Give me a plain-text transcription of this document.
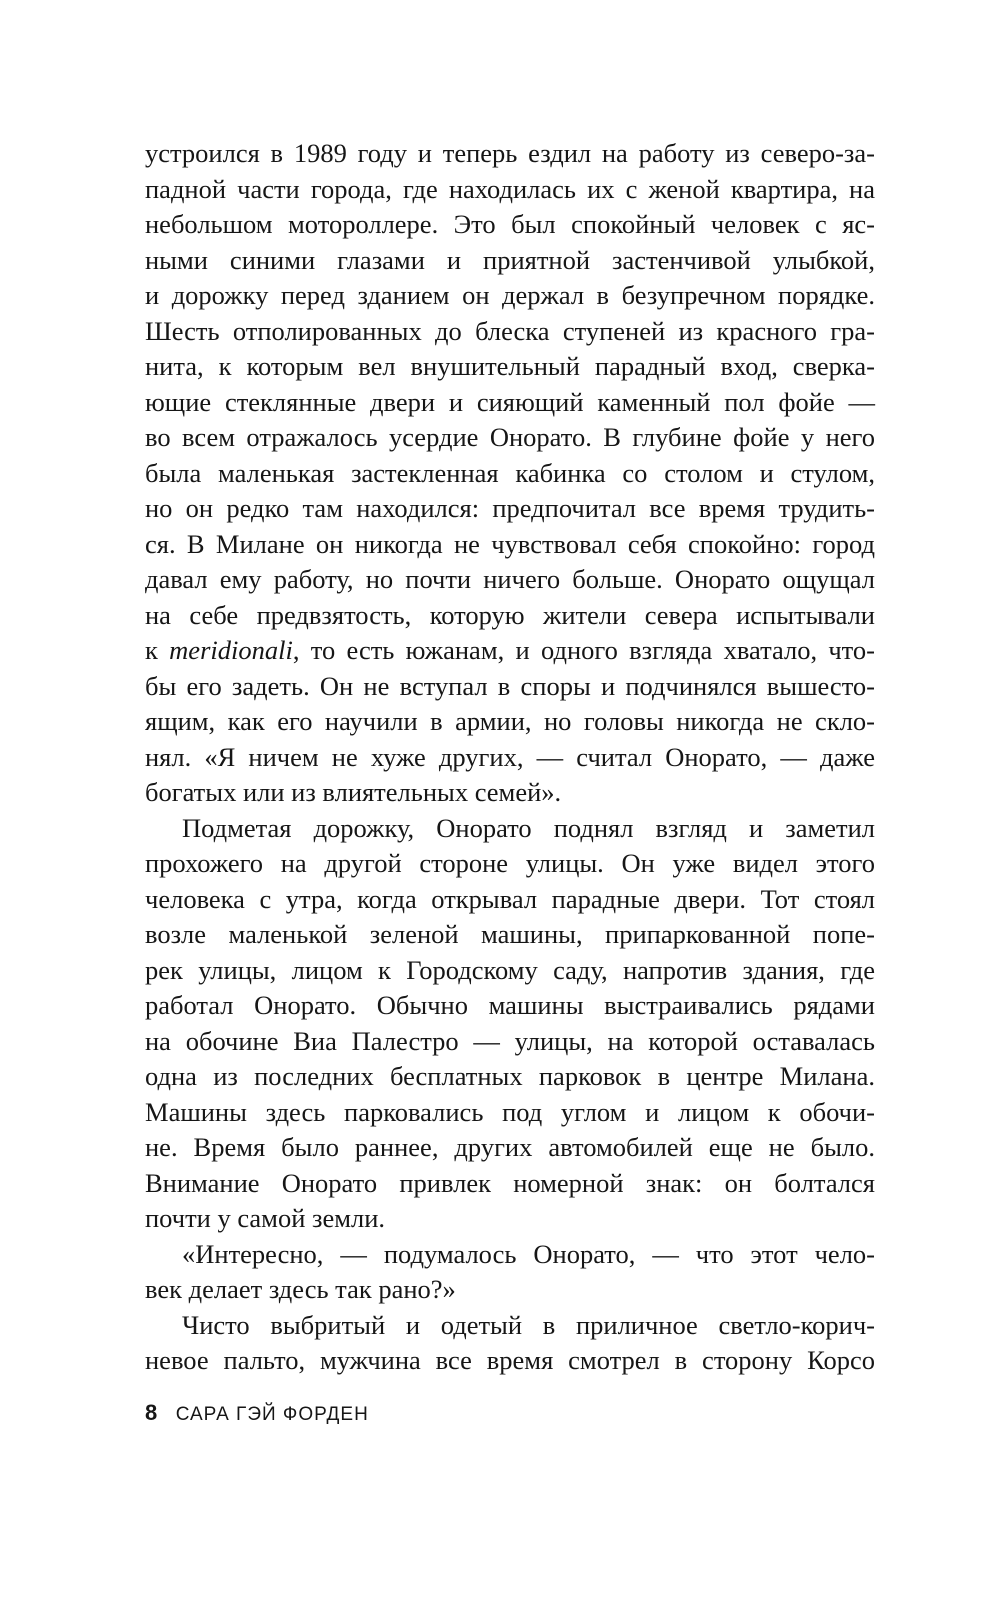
устроился в 1989 году и теперь ездил на работу из северо-за-
падной части города, где находилась их с женой квартира, на
небольшом мотороллере. Это был спокойный человек с яс-
ными синими глазами и приятной застенчивой улыбкой,
и дорожку перед зданием он держал в безупречном порядке.
Шесть отполированных до блеска ступеней из красного гра-
нита, к которым вел внушительный парадный вход, сверка-
ющие стеклянные двери и сияющий каменный пол фойе —
во всем отражалось усердие Онорато. В глубине фойе у него
была маленькая застекленная кабинка со столом и стулом,
но он редко там находился: предпочитал все время трудить-
ся. В Милане он никогда не чувствовал себя спокойно: город
давал ему работу, но почти ничего больше. Онорато ощущал
на себе предвзятость, которую жители севера испытывали
к meridionali, то есть южанам, и одного взгляда хватало, что-
бы его задеть. Он не вступал в споры и подчинялся вышесто-
ящим, как его научили в армии, но головы никогда не скло-
нял. «Я ничем не хуже других, — считал Онорато, — даже
богатых или из влиятельных семей».
Подметая дорожку, Онорато поднял взгляд и заметил
прохожего на другой стороне улицы. Он уже видел этого
человека с утра, когда открывал парадные двери. Тот стоял
возле маленькой зеленой машины, припаркованной попе-
рек улицы, лицом к Городскому саду, напротив здания, где
работал Онорато. Обычно машины выстраивались рядами
на обочине Виа Палестро — улицы, на которой оставалась
одна из последних бесплатных парковок в центре Милана.
Машины здесь парковались под углом и лицом к обочи-
не. Время было раннее, других автомобилей еще не было.
Внимание Онорато привлек номерной знак: он болтался
почти у самой земли.
«Интересно, — подумалось Онорато, — что этот чело-
век делает здесь так рано?»
Чисто выбритый и одетый в приличное светло-корич-
невое пальто, мужчина все время смотрел в сторону Корсо
8 САРА ГЭЙ ФОРДЕН
